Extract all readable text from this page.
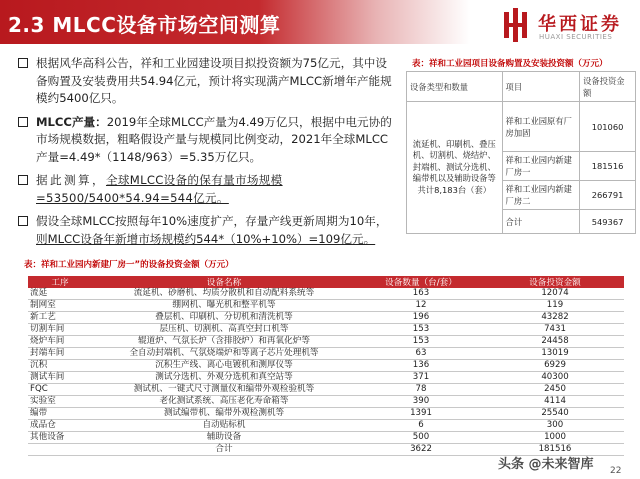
2.3 MLCC设备市场空间测算	华西证券
HUAXI SECURITIES
根据风华高科公告，祥和工业园建设项目拟投资额为75亿元，其中设备购置及安装费用共54.94亿元，预计将实现满产MLCC新增年产能规模约5400亿只。
MLCC产量：2019年全球MLCC产量为4.49万亿只，根据中电元协的市场规模数据，粗略假设产量与规模同比例变动，2021年全球MLCC产量=4.49*（1148/963）=5.35万亿只。
据此测算，全球MLCC设备的保有量市场规模=53500/5400*54.94=544亿元。
假设全球MLCC按照每年10%速度扩产，存量产线更新周期为10年，则MLCC设备年新增市场规模约544*（10%+10%）=109亿元。
表：祥和工业园项目设备购置及安装投资额（万元）
设备类型和数量	项目	设备投资金额
流延机、印刷机、叠压机、切割机、烧结炉、封端机、测试分选机、编带机以及辅助设备等共计8,183台（套）	祥和工业园原有厂房加固	101060
	祥和工业园内新建厂房一	181516
	祥和工业园内新建厂房二	266791
	合计	549367
表：祥和工业园内新建厂房一”的设备投资金额（万元）
工序	设备名称	设备数量（台/套）	设备投资金额
流延	流延机、砂磨机、均质分散机和自动配料系统等	163	12074
制网室	绷网机、曝光机和整平机等	12	119
新工艺	叠层机、印刷机、分切机和清洗机等	196	43282
切割车间	层压机、切割机、高真空封口机等	153	7431
烧炉车间	辊道炉、气氛长炉（含排胶炉）和再氧化炉等	153	24458
封端车间	全自动封端机、气氛烧端炉和等离子芯片处理机等	63	13019
沉积	沉积生产线、离心电镀机和测厚仪等	136	6929
测试车间	测试分选机、外观分选机和真空站等	371	40300
FQC	测试机、一键式尺寸测量仪和编带外观检验机等	78	2450
实验室	老化测试系统、高压老化寿命箱等	390	4114
编带	测试编带机、编带外观检测机等	1391	25540
成品仓	自动贴标机	6	300
其他设备	辅助设备	500	1000
	合计	3622	181516
头条 @未来智库 22
